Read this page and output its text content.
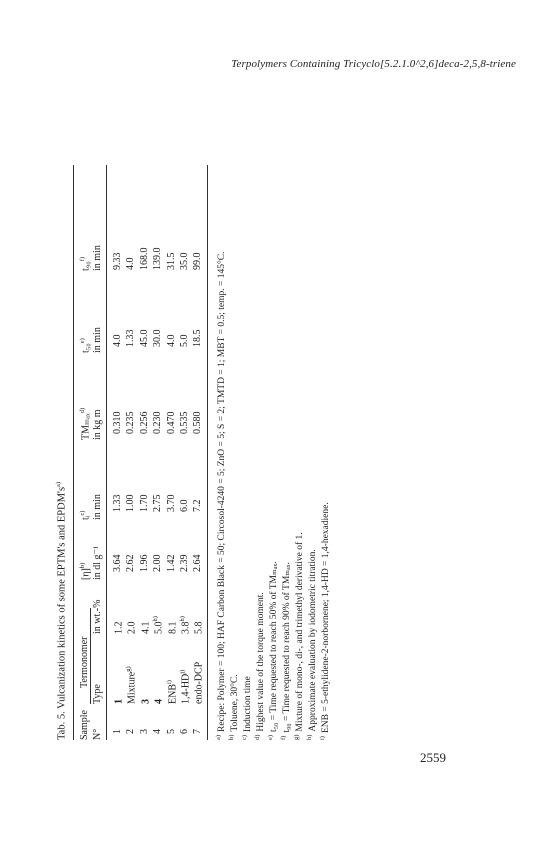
Terpolymers Containing Tricyclo[5.2.1.0^2,6]deca-2,5,8-triene
Tab. 5. Vulcanization kinetics of some EPTM's and $EPDM's^{a)}$
Sample N°
Termonomer
Type
in wt.-%
$[\eta]^{b)}$ in dl g⁻¹
tᵢ$^{c)}$ in min
TMₘₐₓ$^{d)}$ in kg m
t₅₀$^{e)}$ in min
t₉₀$^{f)}$ in min
1
1
1.2
3.64
1.33
0.310
4.0
9.33
2
Mixture$^{g)}$
2.0
2.62
1.00
0.235
1.33
4.0
3
3
4.1
1.96
1.70
0.256
45.0
168.0
4
4
5.0$^{h)}$
2.00
2.75
0.230
30.0
139.0
5
ENB$^{i)}$
8.1
1.42
3.70
0.470
4.0
31.5
6
1,4-HD$^{j)}$
3.8$^{h)}$
2.39
6.0
0.535
5.0
35.0
7
endo-DCP
5.8
2.64
7.2
0.580
18.5
99.0
$^{a)}$Recipe: Polymer = 100; HAF Carbon Black = 50; Circosol-4240 = 5; ZnO = 5; S = 2; TMTD = 1; MBT = 0.5; temp. = 145°C.
$^{b)}$Toluene, 30°C.
$^{c)}$Induction time
$^{d)}$Highest value of the torque moment.
$^{e)}$t₅₀ = Time requested to reach 50% of TMₘₐₓ.
$^{f)}$t₉₀ = Time requested to reach 90% of TMₘₐₓ.
$^{g)}$Mixture of mono-, di-, and trimethyl derivative of 1.
$^{h)}$Approximate evaluation by iodometric titration.
$^{i)}$ENB = 5-ethylidene-2-norbornene; 1,4-HD = 1,4-hexadiene.
2559
